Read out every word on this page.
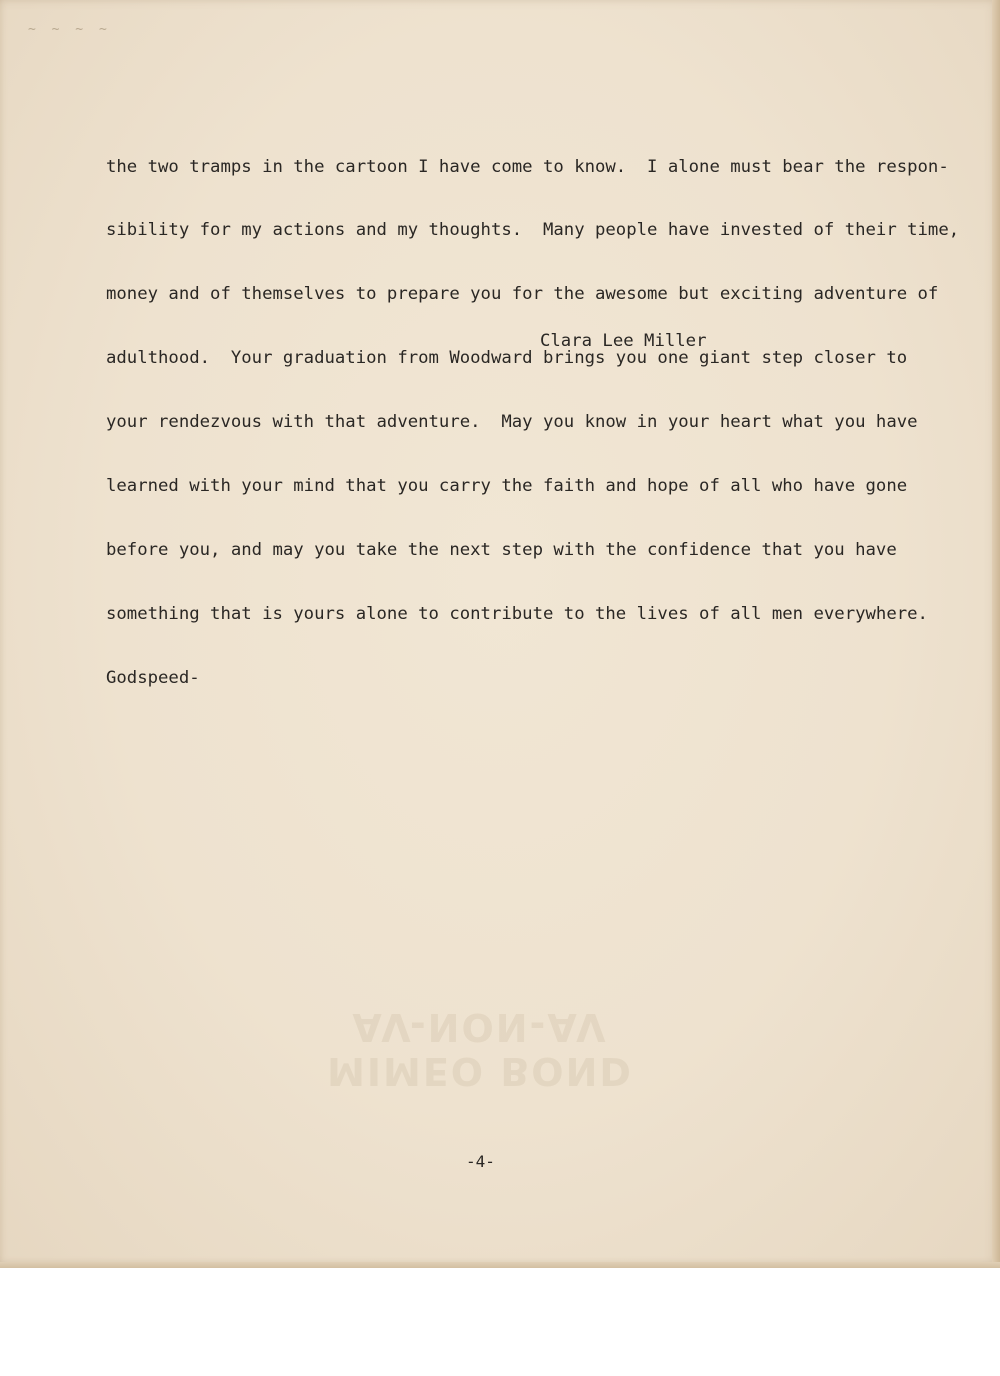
~ ~ ~ ~

the two tramps in the cartoon I have come to know.  I alone must bear the respon-

sibility for my actions and my thoughts.  Many people have invested of their time,

money and of themselves to prepare you for the awesome but exciting adventure of

adulthood.  Your graduation from Woodward brings you one giant step closer to

your rendezvous with that adventure.  May you know in your heart what you have

learned with your mind that you carry the faith and hope of all who have gone

before you, and may you take the next step with the confidence that you have

something that is yours alone to contribute to the lives of all men everywhere.

Godspeed-

Clara Lee Miller
MIMEO BOND
AV-NON-AV
-4-
